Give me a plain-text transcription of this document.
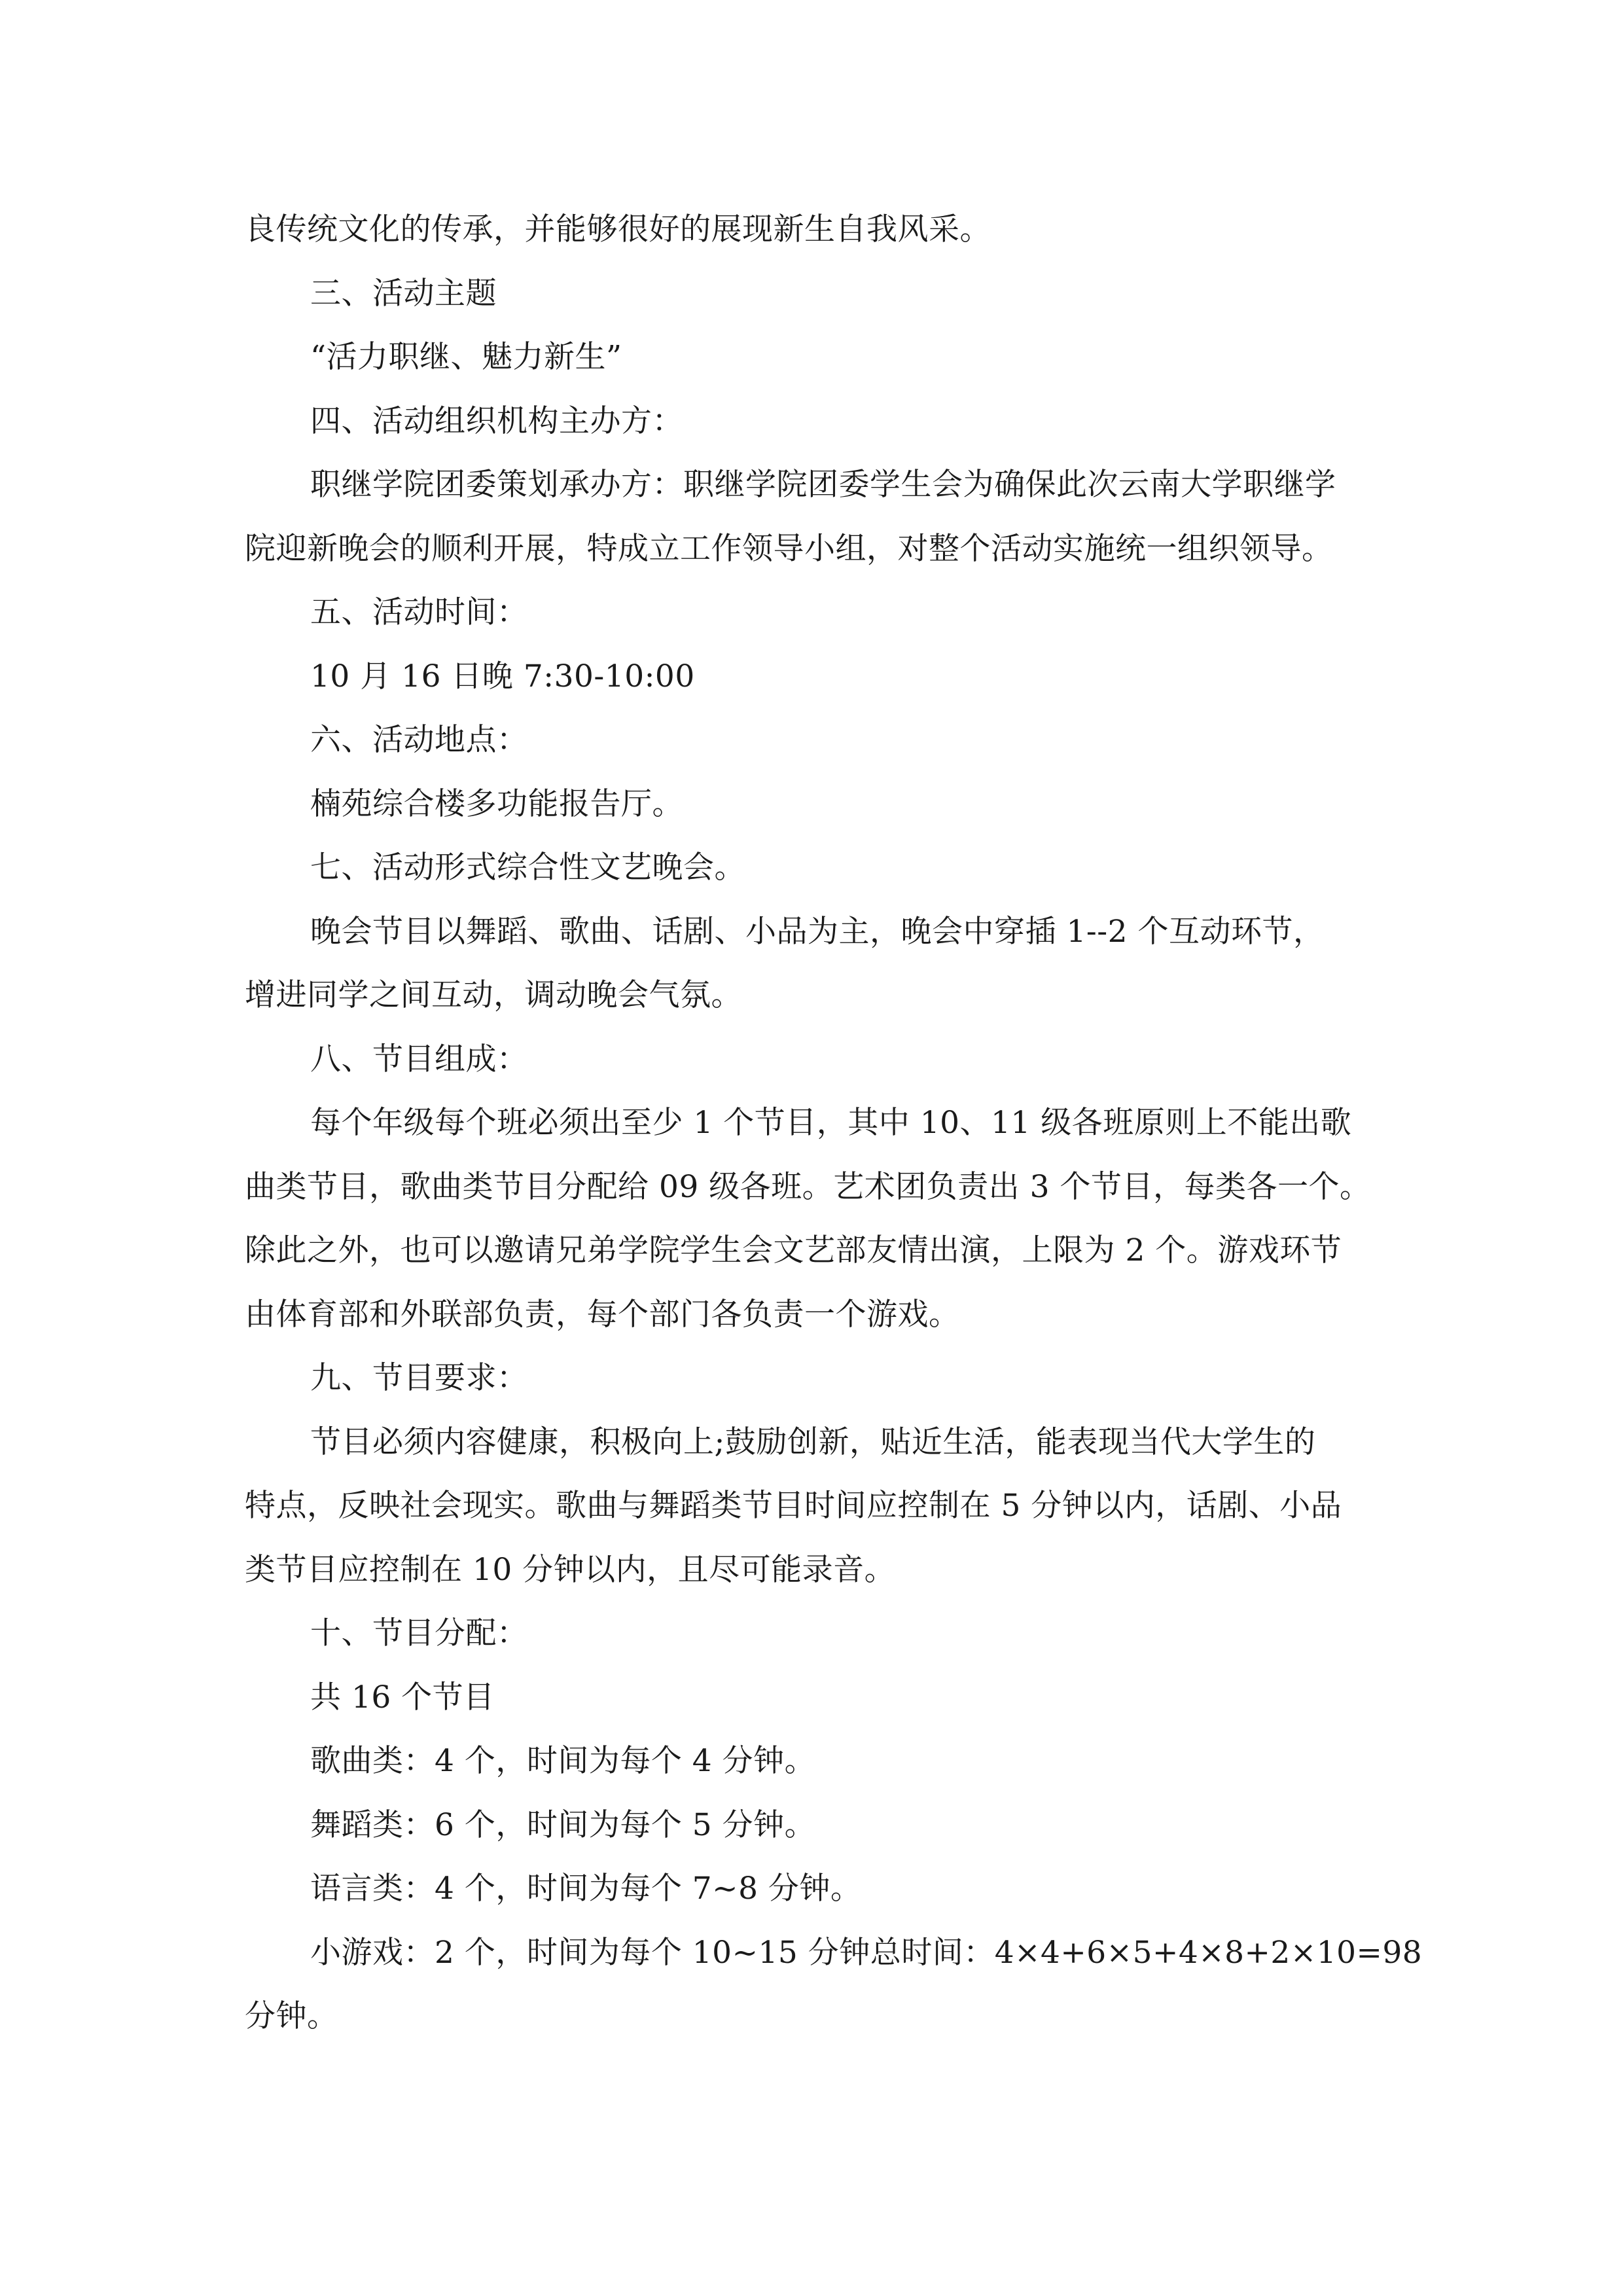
良传统文化的传承，并能够很好的展现新生自我风采。
三、活动主题
“活力职继、魅力新生”
四、活动组织机构主办方：
职继学院团委策划承办方：职继学院团委学生会为确保此次云南大学职继学
院迎新晚会的顺利开展，特成立工作领导小组，对整个活动实施统一组织领导。
五、活动时间：
10 月 16 日晚 7:30-10:00
六、活动地点：
楠苑综合楼多功能报告厅。
七、活动形式综合性文艺晚会。
晚会节目以舞蹈、歌曲、话剧、小品为主，晚会中穿插 1--2 个互动环节，
增进同学之间互动，调动晚会气氛。
八、节目组成：
每个年级每个班必须出至少 1 个节目，其中 10、11 级各班原则上不能出歌
曲类节目，歌曲类节目分配给 09 级各班。艺术团负责出 3 个节目，每类各一个。
除此之外，也可以邀请兄弟学院学生会文艺部友情出演，上限为 2 个。游戏环节
由体育部和外联部负责，每个部门各负责一个游戏。
九、节目要求：
节目必须内容健康，积极向上;鼓励创新，贴近生活，能表现当代大学生的
特点，反映社会现实。歌曲与舞蹈类节目时间应控制在 5 分钟以内，话剧、小品
类节目应控制在 10 分钟以内，且尽可能录音。
十、节目分配：
共 16 个节目
歌曲类：4 个，时间为每个 4 分钟。
舞蹈类：6 个，时间为每个 5 分钟。
语言类：4 个，时间为每个 7~8 分钟。
小游戏：2 个，时间为每个 10~15 分钟总时间：4×4+6×5+4×8+2×10=98
分钟。
